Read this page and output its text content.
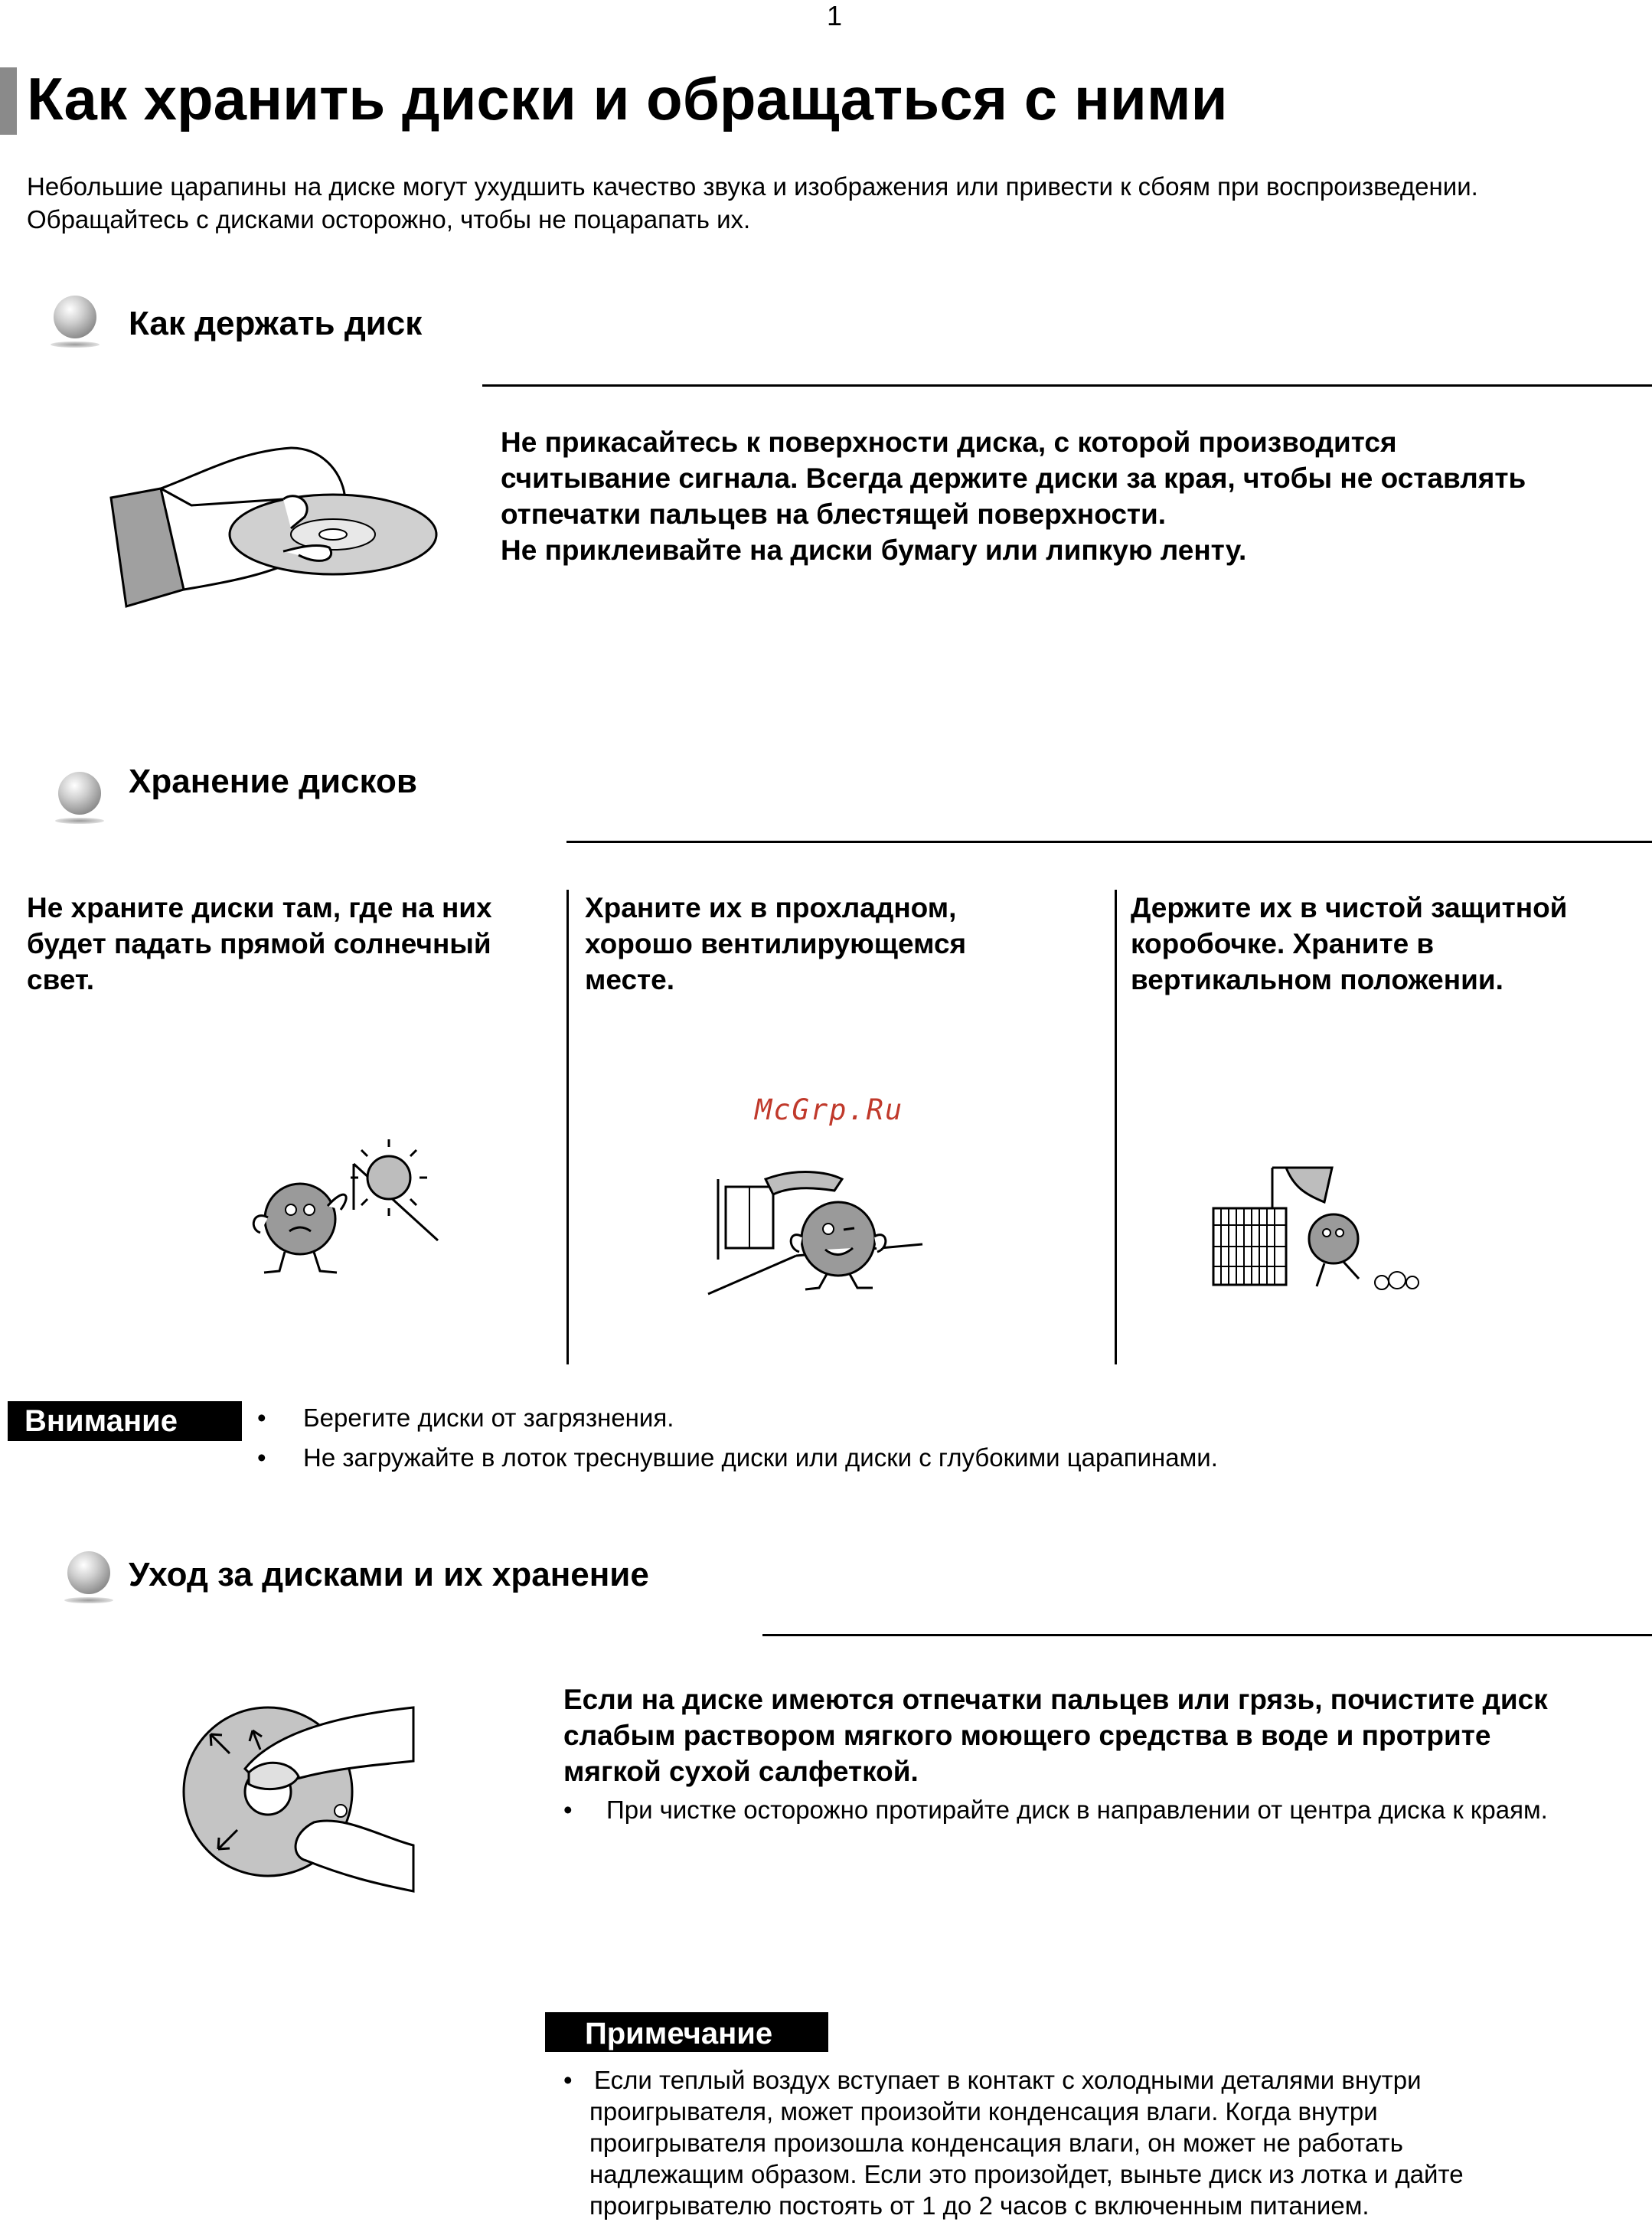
1
Как хранить диски и обращаться с ними
Небольшие царапины на диске могут ухудшить качество звука и изображения или привести к сбоям при воспроизведении.
Обращайтесь с дисками осторожно, чтобы не поцарапать их.
Как держать диск
Не прикасайтесь к поверхности диска, с которой производится
считывание сигнала. Всегда держите диски за края, чтобы не оставлять
отпечатки пальцев на блестящей поверхности.
Не приклеивайте на диски бумагу или липкую ленту.
Хранение дисков
Не храните диски там, где на них
будет падать прямой солнечный
свет.
Храните их в прохладном,
хорошо вентилирующемся
месте.
Держите их в чистой защитной
коробочке. Храните в
вертикальном положении.
McGrp.Ru
Внимание
•	Берегите диски от загрязнения.
• Не загружайте в лоток треснувшие диски или диски с глубокими царапинами.
Уход за дисками и их хранение
Если на диске имеются отпечатки пальцев или грязь, почистите диск
слабым раствором мягкого моющего средства в воде и протрите
мягкой сухой салфеткой.
• При чистке осторожно протирайте диск в направлении от центра диска к краям.
Примечание
• Если теплый воздух вступает в контакт с холодными деталями внутри
проигрывателя, может произойти конденсация влаги. Когда внутри
проигрывателя произошла конденсация влаги, он может не работать
надлежащим образом. Если это произойдет, выньте диск из лотка и дайте
проигрывателю постоять от 1 до 2 часов с включенным питанием.
